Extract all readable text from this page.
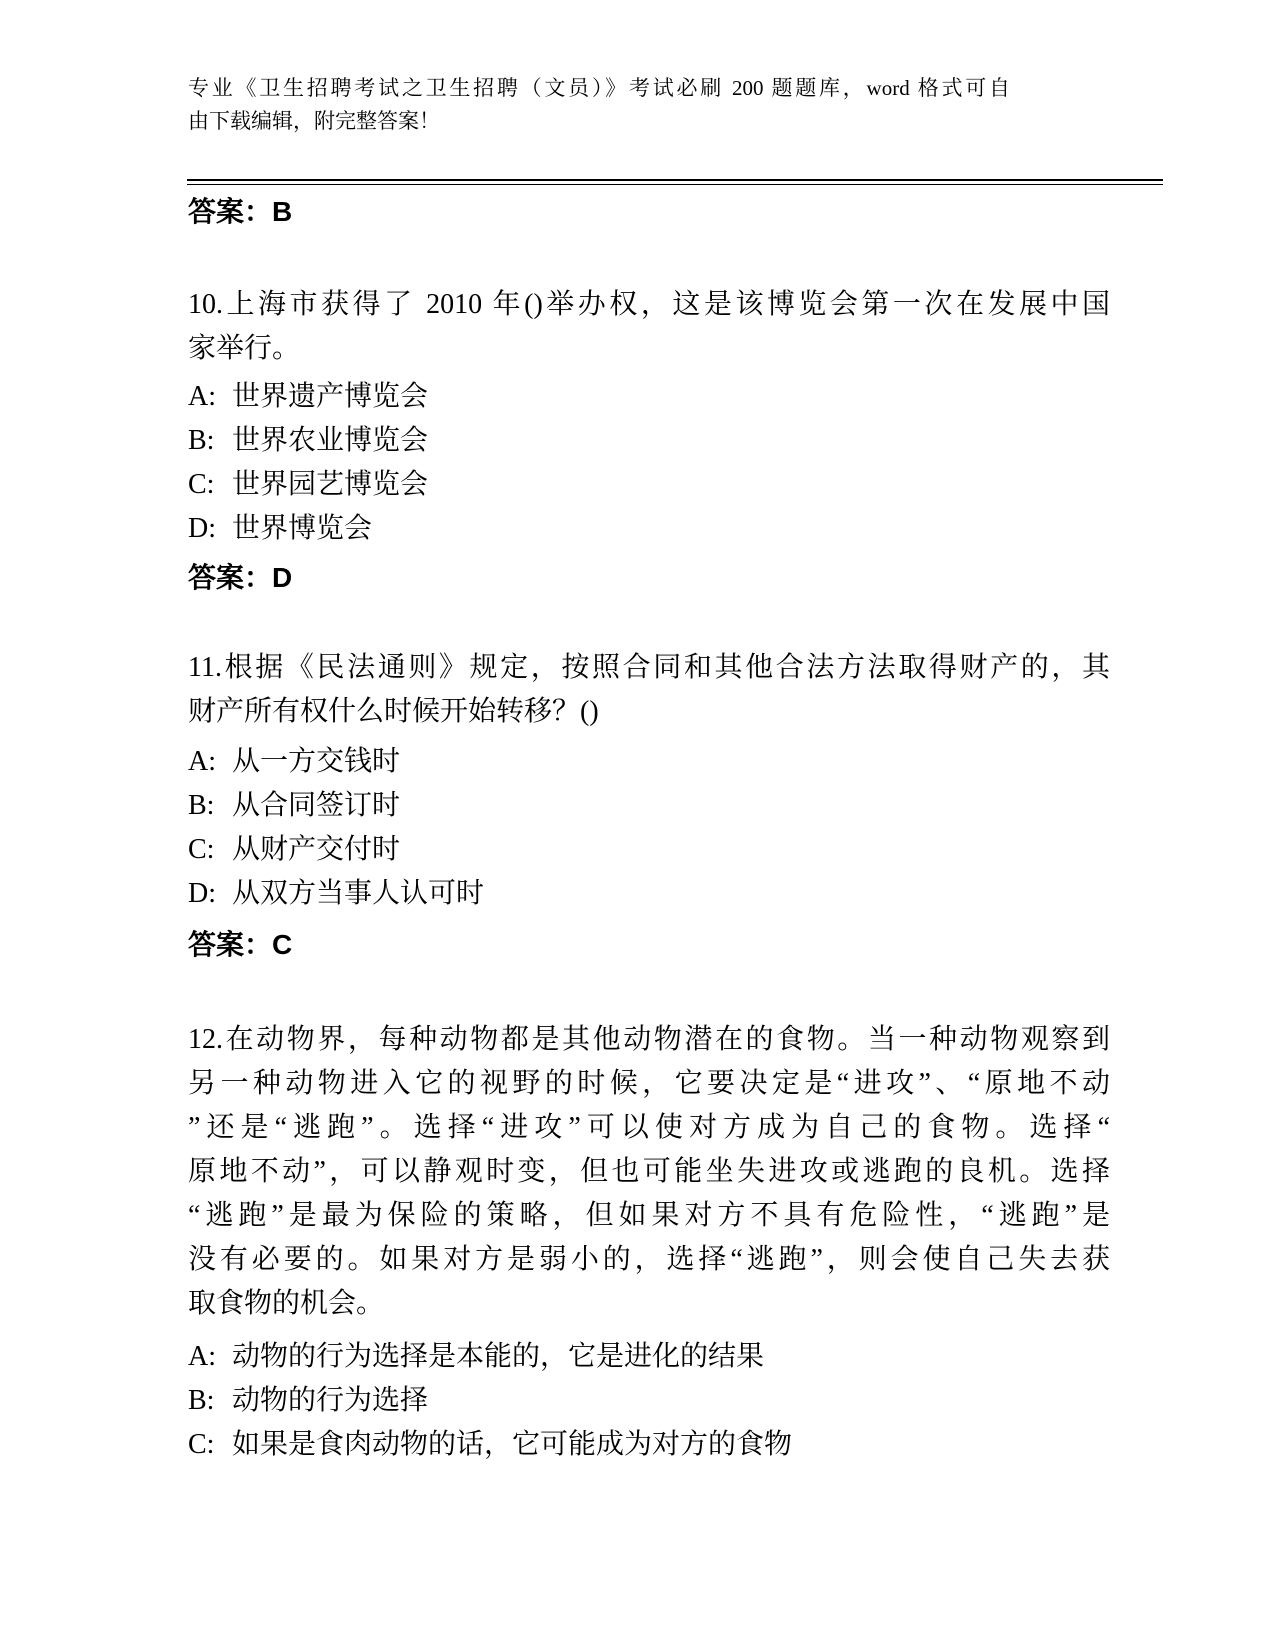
专业《卫生招聘考试之卫生招聘（文员）》考试必刷 200 题题库，word 格式可自
由下载编辑，附完整答案！
答案：B
10.上海市获得了 2010 年()举办权，这是该博览会第一次在发展中国
家举行。
A: 世界遗产博览会
B: 世界农业博览会
C: 世界园艺博览会
D: 世界博览会
答案：D
11.根据《民法通则》规定，按照合同和其他合法方法取得财产的，其
财产所有权什么时候开始转移？()
A: 从一方交钱时
B: 从合同签订时
C: 从财产交付时
D: 从双方当事人认可时
答案：C
12.在动物界，每种动物都是其他动物潜在的食物。当一种动物观察到
另一种动物进入它的视野的时候，它要决定是“进攻”、“原地不动
”还是“逃跑”。选择“进攻”可以使对方成为自己的食物。选择“
原地不动”，可以静观时变，但也可能坐失进攻或逃跑的良机。选择
“逃跑”是最为保险的策略，但如果对方不具有危险性，“逃跑”是
没有必要的。如果对方是弱小的，选择“逃跑”，则会使自己失去获
取食物的机会。
A: 动物的行为选择是本能的，它是进化的结果
B: 动物的行为选择
C: 如果是食肉动物的话，它可能成为对方的食物
